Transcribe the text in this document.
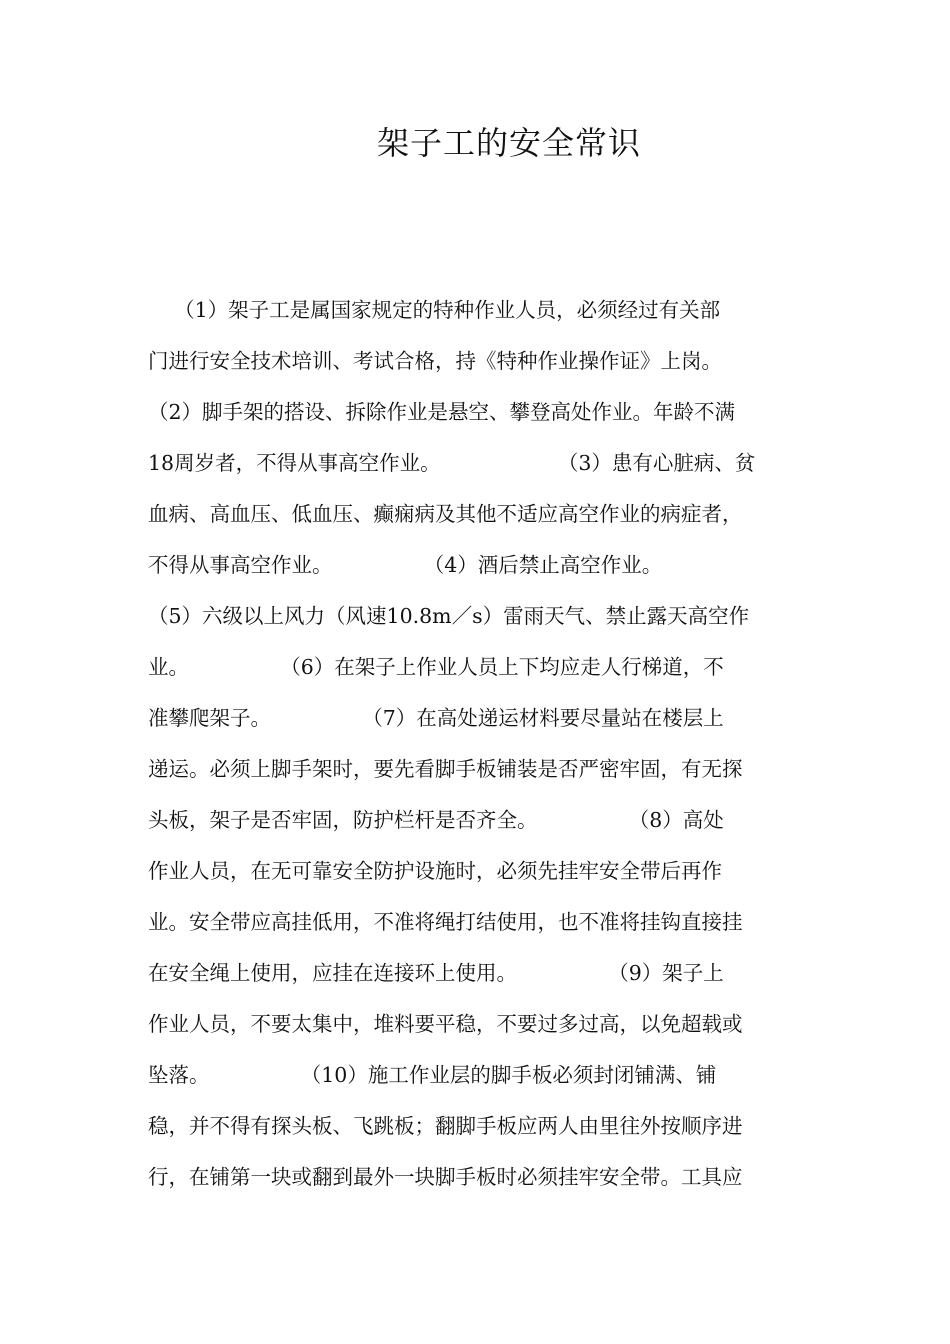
架子工的安全常识
（1）架子工是属国家规定的特种作业人员，必须经过有关部
门进行安全技术培训、考试合格，持《特种作业操作证》上岗。
（2）脚手架的搭设、拆除作业是悬空、攀登高处作业。年龄不满
18周岁者，不得从事高空作业。                  （3）患有心脏病、贫
血病、高血压、低血压、癫痫病及其他不适应高空作业的病症者，
不得从事高空作业。              （4）酒后禁止高空作业。
（5）六级以上风力（风速10.8m／s）雷雨天气、禁止露天高空作
业。              （6）在架子上作业人员上下均应走人行梯道，不
准攀爬架子。              （7）在高处递运材料要尽量站在楼层上
递运。必须上脚手架时，要先看脚手板铺装是否严密牢固，有无探
头板，架子是否牢固，防护栏杆是否齐全。              （8）高处
作业人员，在无可靠安全防护设施时，必须先挂牢安全带后再作
业。安全带应高挂低用，不准将绳打结使用，也不准将挂钩直接挂
在安全绳上使用，应挂在连接环上使用。              （9）架子上
作业人员，不要太集中，堆料要平稳，不要过多过高，以免超载或
坠落。              （10）施工作业层的脚手板必须封闭铺满、铺
稳，并不得有探头板、飞跳板；翻脚手板应两人由里往外按顺序进
行，在铺第一块或翻到最外一块脚手板时必须挂牢安全带。工具应
